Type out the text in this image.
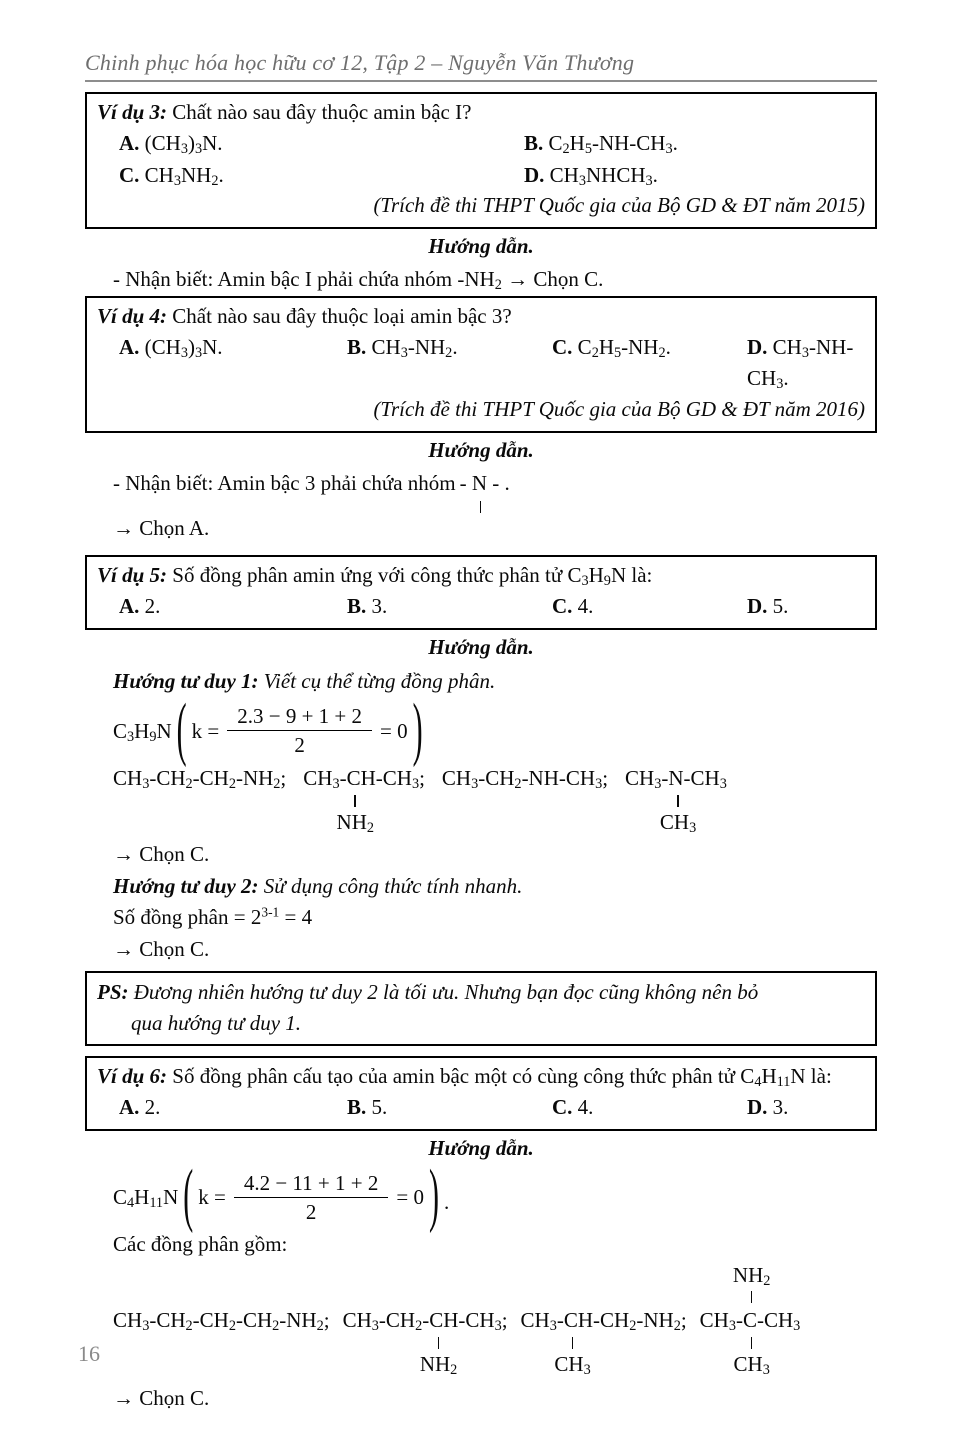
Chinh phục hóa học hữu cơ 12, Tập 2 – Nguyễn Văn Thương
Ví dụ 3: Chất nào sau đây thuộc amin bậc I?
A. $(CH_3)_3N$.	B. $C_2H_5-NH-CH_3$.
C. $CH_3NH_2$.	D. $CH_3NHCH_3$.
(Trích đề thi THPT Quốc gia của Bộ GD & ĐT năm 2015)
Hướng dẫn.
- Nhận biết: Amin bậc I phải chứa nhóm $-NH_2$ → Chọn C.
Ví dụ 4: Chất nào sau đây thuộc loại amin bậc 3?
A. $(CH_3)_3N$.	B. $CH_3-NH_2$.	C. $C_2H_5-NH_2$.	D. $CH_3-NH-CH_3$.
(Trích đề thi THPT Quốc gia của Bộ GD & ĐT năm 2016)
Hướng dẫn.
- Nhận biết: Amin bậc 3 phải chứa nhóm - N - .
→ Chọn A.
Ví dụ 5: Số đồng phân amin ứng với công thức phân tử $C_3H_9N$ là:
A. 2.	B. 3.	C. 4.	D. 5.
Hướng dẫn.
Hướng tư duy 1: Viết cụ thể từng đồng phân.
$C_3H_9N$ ( $k = \frac{2.3 - 9 + 1 + 2}{2} = 0$ )
$CH_3-CH_2-CH_2-NH_2$; $CH_3-CH-CH_3$;
$NH_2$
$CH_3-CH_2-NH-CH_3$; $CH_3-N-CH_3$
$CH_3$
→ Chọn C.
Hướng tư duy 2: Sử dụng công thức tính nhanh.
Số đồng phân = $2^{3-1} = 4$
→ Chọn C.
PS: Đương nhiên hướng tư duy 2 là tối ưu. Nhưng bạn đọc cũng không nên bỏ
qua hướng tư duy 1.
Ví dụ 6: Số đồng phân cấu tạo của amin bậc một có cùng công thức phân tử $C_4H_{11}N$ là:
A. 2.	B. 5.	C. 4.	D. 3.
Hướng dẫn.
$C_4H_{11}N$ ( $k = \frac{4.2 - 11 + 1 + 2}{2} = 0$ ) .
Các đồng phân gồm:
$CH_3-CH_2-CH_2-CH_2-NH_2$; $CH_3-CH_2-CH-CH_3$;
$NH_2$
$CH_3-CH-CH_2-NH_2$;
$CH_3$
$CH_3-C-CH_3$
$NH_2$
$CH_3$
→ Chọn C.
16
